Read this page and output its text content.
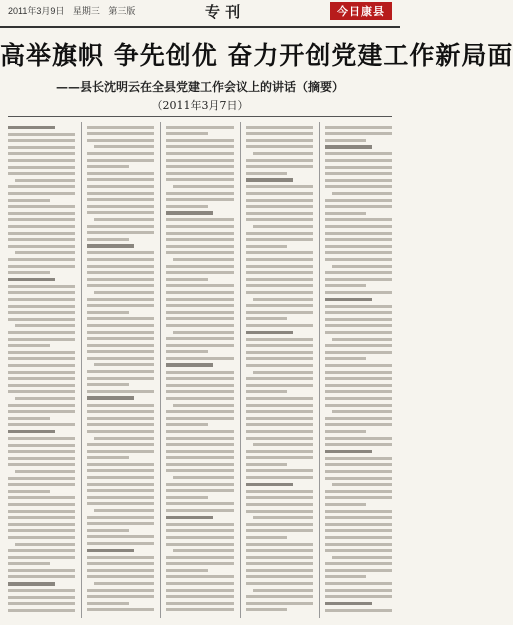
2011年3月9日 星期三 第三版	专 刊	今日康县
高举旗帜 争先创优 奋力开创党建工作新局面
——县长沈明云在全县党建工作会议上的讲话（摘要）
（2011年3月7日）
